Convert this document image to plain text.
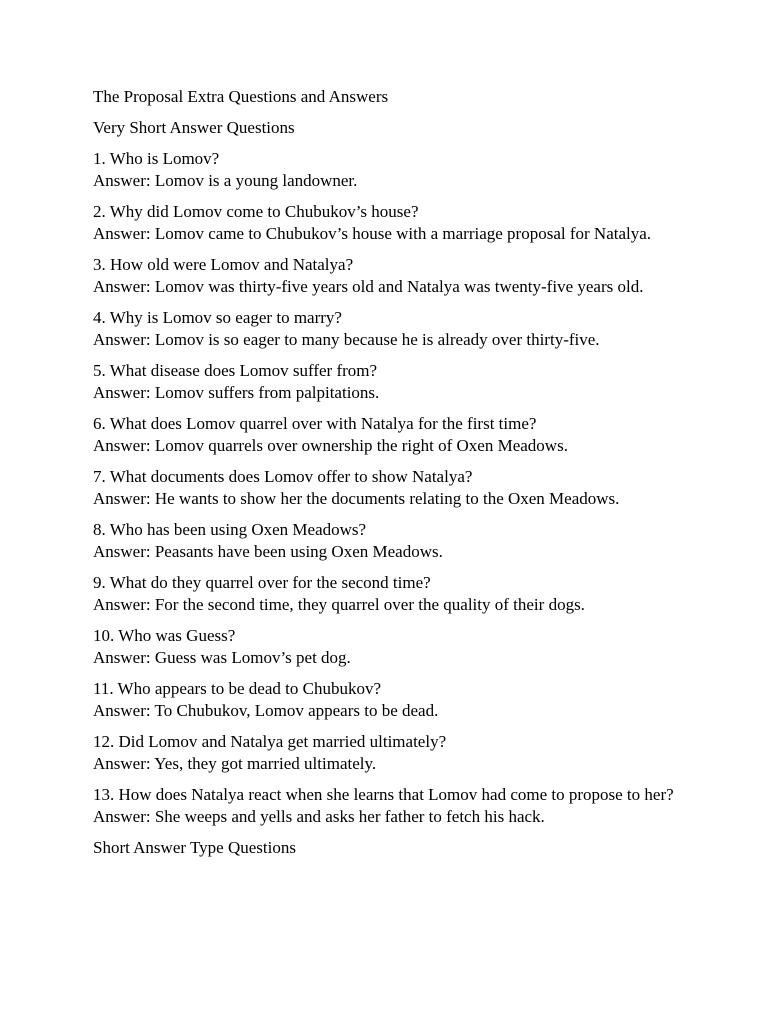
The Proposal Extra Questions and Answers

Very Short Answer Questions

1. Who is Lomov?
Answer: Lomov is a young landowner.

2. Why did Lomov come to Chubukov’s house?
Answer: Lomov came to Chubukov’s house with a marriage proposal for Natalya.

3. How old were Lomov and Natalya?
Answer: Lomov was thirty-five years old and Natalya was twenty-five years old.

4. Why is Lomov so eager to marry?
Answer: Lomov is so eager to many because he is already over thirty-five.

5. What disease does Lomov suffer from?
Answer: Lomov suffers from palpitations.

6. What does Lomov quarrel over with Natalya for the first time?
Answer: Lomov quarrels over ownership the right of Oxen Meadows.

7. What documents does Lomov offer to show Natalya?
Answer: He wants to show her the documents relating to the Oxen Meadows.

8. Who has been using Oxen Meadows?
Answer: Peasants have been using Oxen Meadows.

9. What do they quarrel over for the second time?
Answer: For the second time, they quarrel over the quality of their dogs.

10. Who was Guess?
Answer: Guess was Lomov’s pet dog.

11. Who appears to be dead to Chubukov?
Answer: To Chubukov, Lomov appears to be dead.

12. Did Lomov and Natalya get married ultimately?
Answer: Yes, they got married ultimately.

13. How does Natalya react when she learns that Lomov had come to propose to her?
Answer: She weeps and yells and asks her father to fetch his hack.

Short Answer Type Questions
